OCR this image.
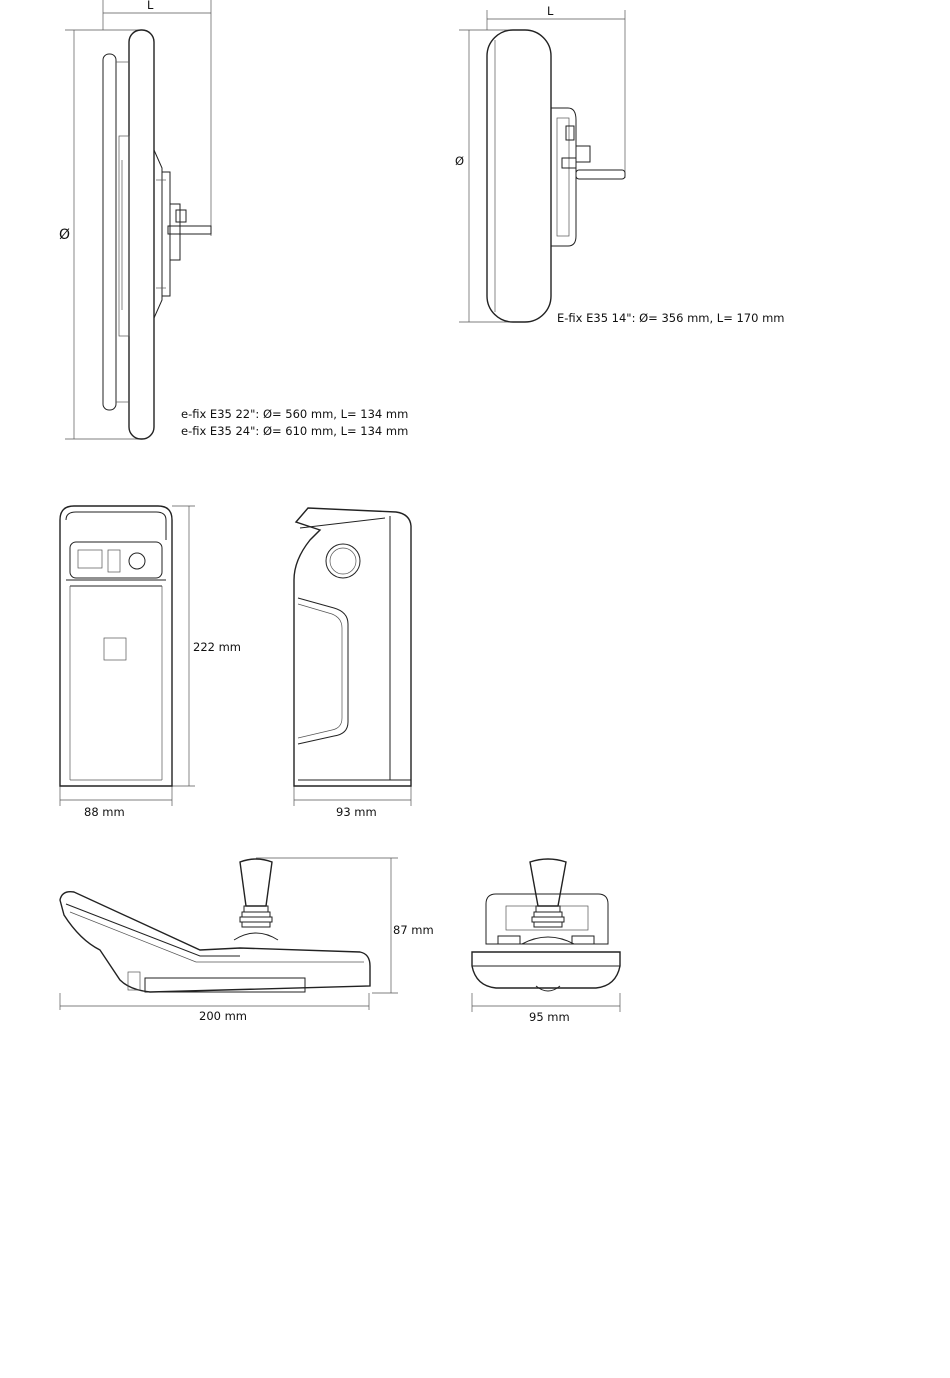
L
Ø
e-fix E35 22": Ø= 560 mm, L= 134 mm
e-fix E35 24": Ø= 610 mm, L= 134 mm
L
Ø
E-fix E35 14": Ø= 356 mm, L= 170 mm
88 mm
222 mm
93 mm
200 mm
87 mm
95 mm
